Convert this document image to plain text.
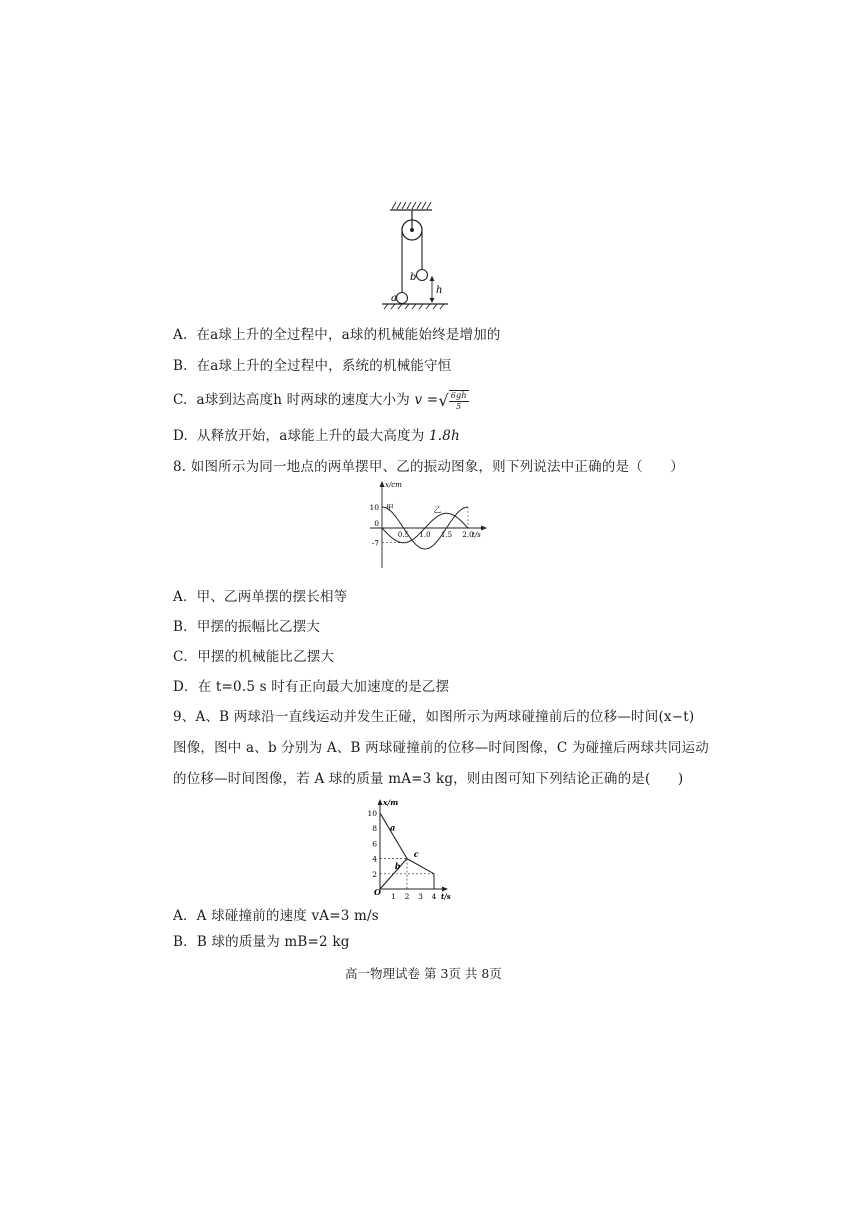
b
a
h
A. 在a球上升的全过程中，a球的机械能始终是增加的
B. 在a球上升的全过程中，系统的机械能守恒
C. a球到达高度h 时两球的速度大小为 v =√ $\frac{6gh}{5}$
D. 从释放开始，a球能上升的最大高度为 1.8h
8. 如图所示为同一地点的两单摆甲、乙的振动图象，则下列说法中正确的是（　　）
x/cm
t/s
10
0
-7
0.5 1.0 1.5 2.0
甲	乙
A．甲、乙两单摆的摆长相等
B．甲摆的振幅比乙摆大
C．甲摆的机械能比乙摆大
D．在 t=0.5 s 时有正向最大加速度的是乙摆
9、A、B 两球沿一直线运动并发生正碰，如图所示为两球碰撞前后的位移—时间(x−t)
图像，图中 a、b 分别为 A、B 两球碰撞前的位移—时间图像，C 为碰撞后两球共同运动
的位移—时间图像，若 A 球的质量 mA=3 kg，则由图可知下列结论正确的是(　　)
x/m
t/s
O
10
8
6
4
2
1 2 3 4
a
b
c
A．A 球碰撞前的速度 vA=3 m/s
B．B 球的质量为 mB=2 kg
高一物理试卷 第 3页 共 8页
